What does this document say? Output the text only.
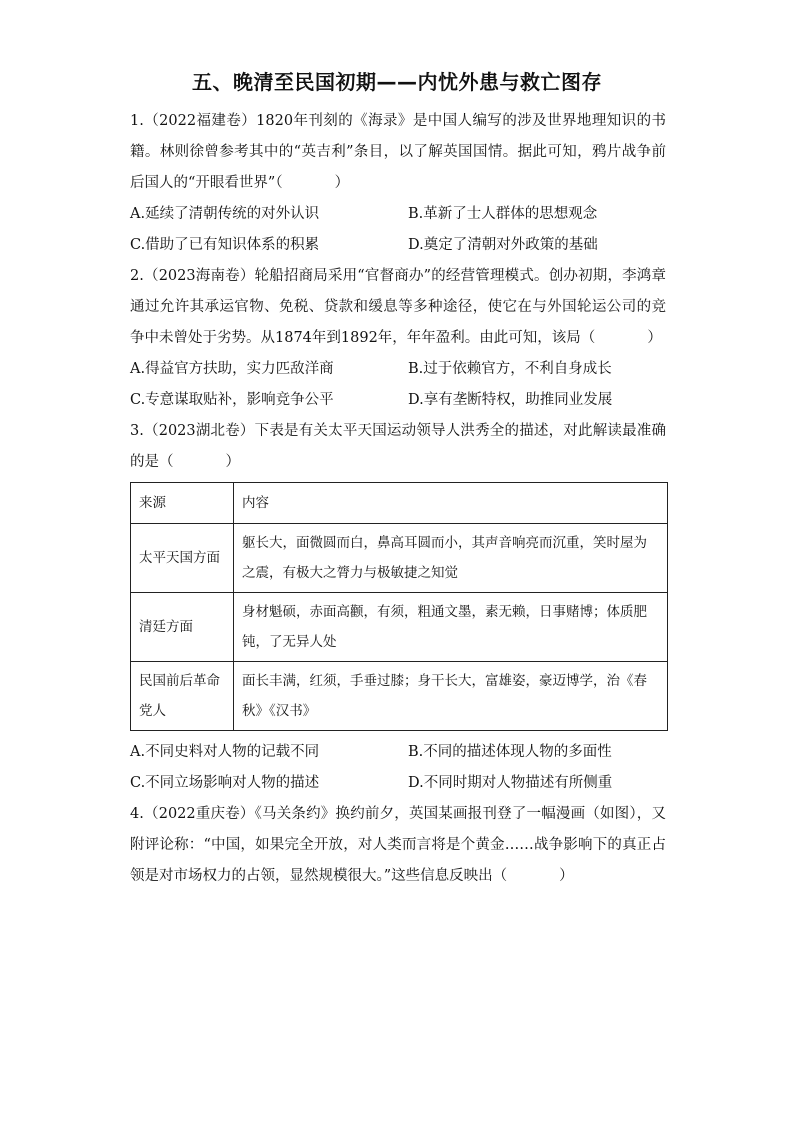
五、晚清至民国初期——内忧外患与救亡图存

1.（2022福建卷）1820年刊刻的《海录》是中国人编写的涉及世界地理知识的书籍。林则徐曾参考其中的“英吉利”条目，以了解英国国情。据此可知，鸦片战争前后国人的“开眼看世界”（	）

A.延续了清朝传统的对外认识	B.革新了士人群体的思想观念
C.借助了已有知识体系的积累	D.奠定了清朝对外政策的基础

2.（2023海南卷）轮船招商局采用“官督商办”的经营管理模式。创办初期，李鸿章通过允许其承运官物、免税、贷款和缓息等多种途径，使它在与外国轮运公司的竞争中未曾处于劣势。从1874年到1892年，年年盈利。由此可知，该局（	）

A.得益官方扶助，实力匹敌洋商	B.过于依赖官方，不利自身成长
C.专意谋取贴补，影响竞争公平	D.享有垄断特权，助推同业发展

3.（2023湖北卷）下表是有关太平天国运动领导人洪秀全的描述，对此解读最准确的是（	）

来源	内容
太平天国方面	躯长大，面微圆而白，鼻高耳圆而小，其声音响亮而沉重，笑时屋为之震，有极大之膂力与极敏捷之知觉
清廷方面	身材魁硕，赤面高颧，有须，粗通文墨，素无赖，日事赌博；体质肥钝，了无异人处
民国前后革命党人	面长丰满，红须，手垂过膝；身干长大，富雄姿，豪迈博学，治《春秋》《汉书》
A.不同史料对人物的记载不同	B.不同的描述体现人物的多面性
C.不同立场影响对人物的描述	D.不同时期对人物描述有所侧重

4.（2022重庆卷）《马关条约》换约前夕，英国某画报刊登了一幅漫画（如图），又附评论称：“中国，如果完全开放，对人类而言将是个黄金……战争影响下的真正占领是对市场权力的占领，显然规模很大。”这些信息反映出（	）
